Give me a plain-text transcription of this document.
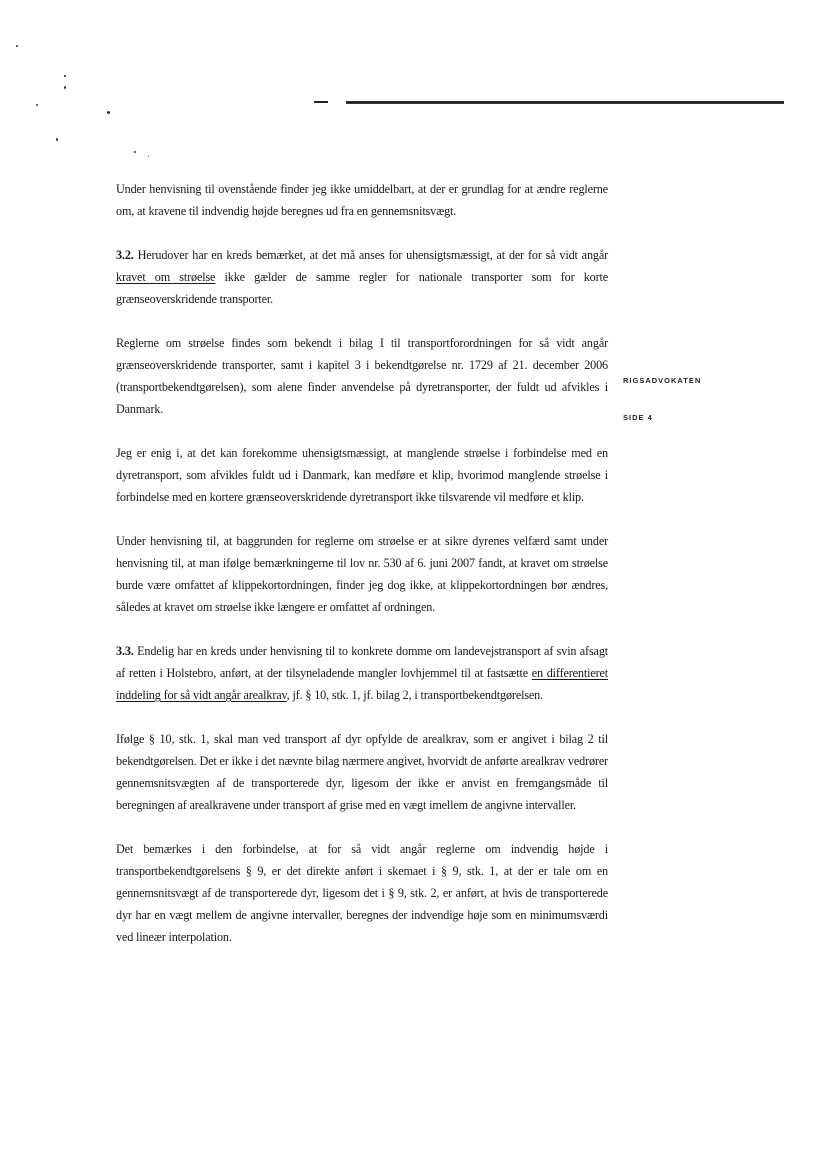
RIGSADVOKATEN
SIDE 4

Under henvisning til ovenstående finder jeg ikke umiddelbart, at der er grundlag for at ændre reglerne om, at kravene til indvendig højde beregnes ud fra en gennemsnitsvægt.

3.2. Herudover har en kreds bemærket, at det må anses for uhensigtsmæssigt, at der for så vidt angår kravet om strøelse ikke gælder de samme regler for nationale transporter som for korte grænseoverskridende transporter.

Reglerne om strøelse findes som bekendt i bilag I til transportforordningen for så vidt angår grænseoverskridende transporter, samt i kapitel 3 i bekendtgørelse nr. 1729 af 21. december 2006 (transportbekendtgørelsen), som alene finder anvendelse på dyretransporter, der fuldt ud afvikles i Danmark.

Jeg er enig i, at det kan forekomme uhensigtsmæssigt, at manglende strøelse i forbindelse med en dyretransport, som afvikles fuldt ud i Danmark, kan medføre et klip, hvorimod manglende strøelse i forbindelse med en kortere grænseoverskridende dyretransport ikke tilsvarende vil medføre et klip.

Under henvisning til, at baggrunden for reglerne om strøelse er at sikre dyrenes velfærd samt under henvisning til, at man ifølge bemærkningerne til lov nr. 530 af 6. juni 2007 fandt, at kravet om strøelse burde være omfattet af klippekortordningen, finder jeg dog ikke, at klippekortordningen bør ændres, således at kravet om strøelse ikke længere er omfattet af ordningen.

3.3. Endelig har en kreds under henvisning til to konkrete domme om landevejstransport af svin afsagt af retten i Holstebro, anført, at der tilsyneladende mangler lovhjemmel til at fastsætte en differentieret inddeling for så vidt angår arealkrav, jf. § 10, stk. 1, jf. bilag 2, i transportbekendtgørelsen.

Ifølge § 10, stk. 1, skal man ved transport af dyr opfylde de arealkrav, som er angivet i bilag 2 til bekendtgørelsen. Det er ikke i det nævnte bilag nærmere angivet, hvorvidt de anførte arealkrav vedrører gennemsnitsvægten af de transporterede dyr, ligesom der ikke er anvist en fremgangsmåde til beregningen af arealkravene under transport af grise med en vægt imellem de angivne intervaller.

Det bemærkes i den forbindelse, at for så vidt angår reglerne om indvendig højde i transportbekendtgørelsens § 9, er det direkte anført i skemaet i § 9, stk. 1, at der er tale om en gennemsnitsvægt af de transporterede dyr, ligesom det i § 9, stk. 2, er anført, at hvis de transporterede dyr har en vægt mellem de angivne intervaller, beregnes der indvendige høje som en minimumsværdi ved lineær interpolation.
